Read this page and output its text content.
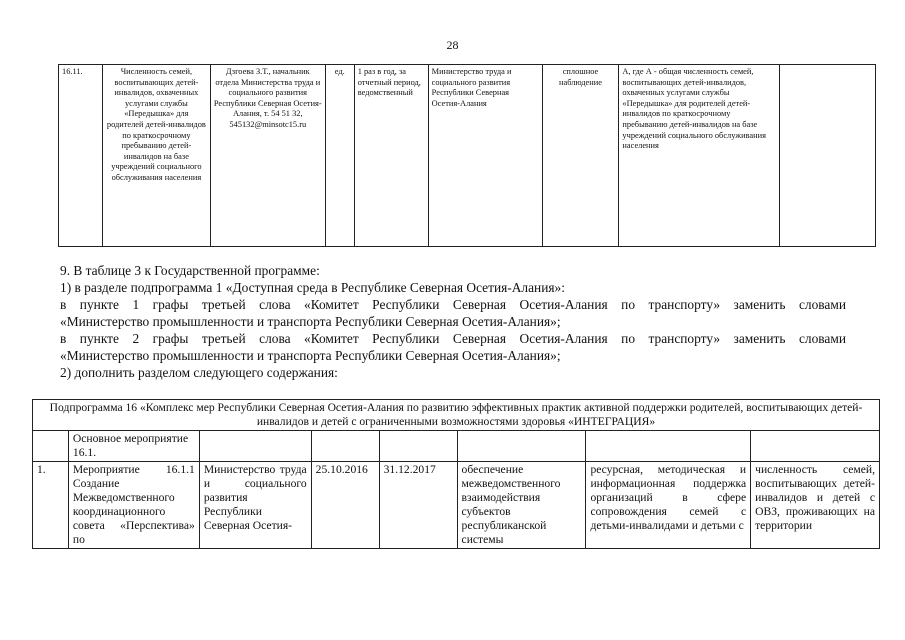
28
16.11.	Численность семей, воспитывающих детей-инвалидов, охваченных услугами службы «Передышка» для родителей детей-инвалидов по краткосрочному пребыванию детей-инвалидов на базе учреждений социального обслуживания населения	Дзгоева З.Т., начальник отдела Министерства труда и социального развития Республики Северная Осетия-Алания, т. 54 51 32, 545132@minsotc15.ru	ед.	1 раз в год, за отчетный период, ведомственный	Министерство труда и социального развития Республики Северная Осетия-Алания	сплошное наблюдение	А, где А - общая численность семей, воспитывающих детей-инвалидов, охваченных услугами службы «Передышка» для родителей детей-инвалидов по краткосрочному пребыванию детей-инвалидов на базе учреждений социального обслуживания населения	
9. В таблице 3 к Государственной программе:
1) в разделе подпрограмма 1 «Доступная среда в Республике Северная Осетия-Алания»:
в пункте 1 графы третьей слова «Комитет Республики Северная Осетия-Алания по транспорту» заменить словами
«Министерство промышленности и транспорта Республики Северная Осетия-Алания»;
в пункте 2 графы третьей слова «Комитет Республики Северная Осетия-Алания по транспорту» заменить словами
«Министерство промышленности и транспорта Республики Северная Осетия-Алания»;
2) дополнить разделом следующего содержания:
Подпрограмма 16 «Комплекс мер Республики Северная Осетия-Алания по развитию эффективных практик активной поддержки родителей, воспитывающих детей-инвалидов и детей с ограниченными возможностями здоровья «ИНТЕГРАЦИЯ»							
	Основное мероприятие 16.1.						
1.	Мероприятие 16.1.1 Создание Межведомственного координационного совета «Перспектива» по	Министерство труда и социального развития Республики Северная Осетия-	25.10.2016	31.12.2017	обеспечение межведомственного взаимодействия субъектов республиканской системы	ресурсная, методическая и информационная поддержка организаций в сфере сопровождения семей с детьми-инвалидами и детьми с	численность семей, воспитывающих детей-инвалидов и детей с ОВЗ, проживающих на территории
